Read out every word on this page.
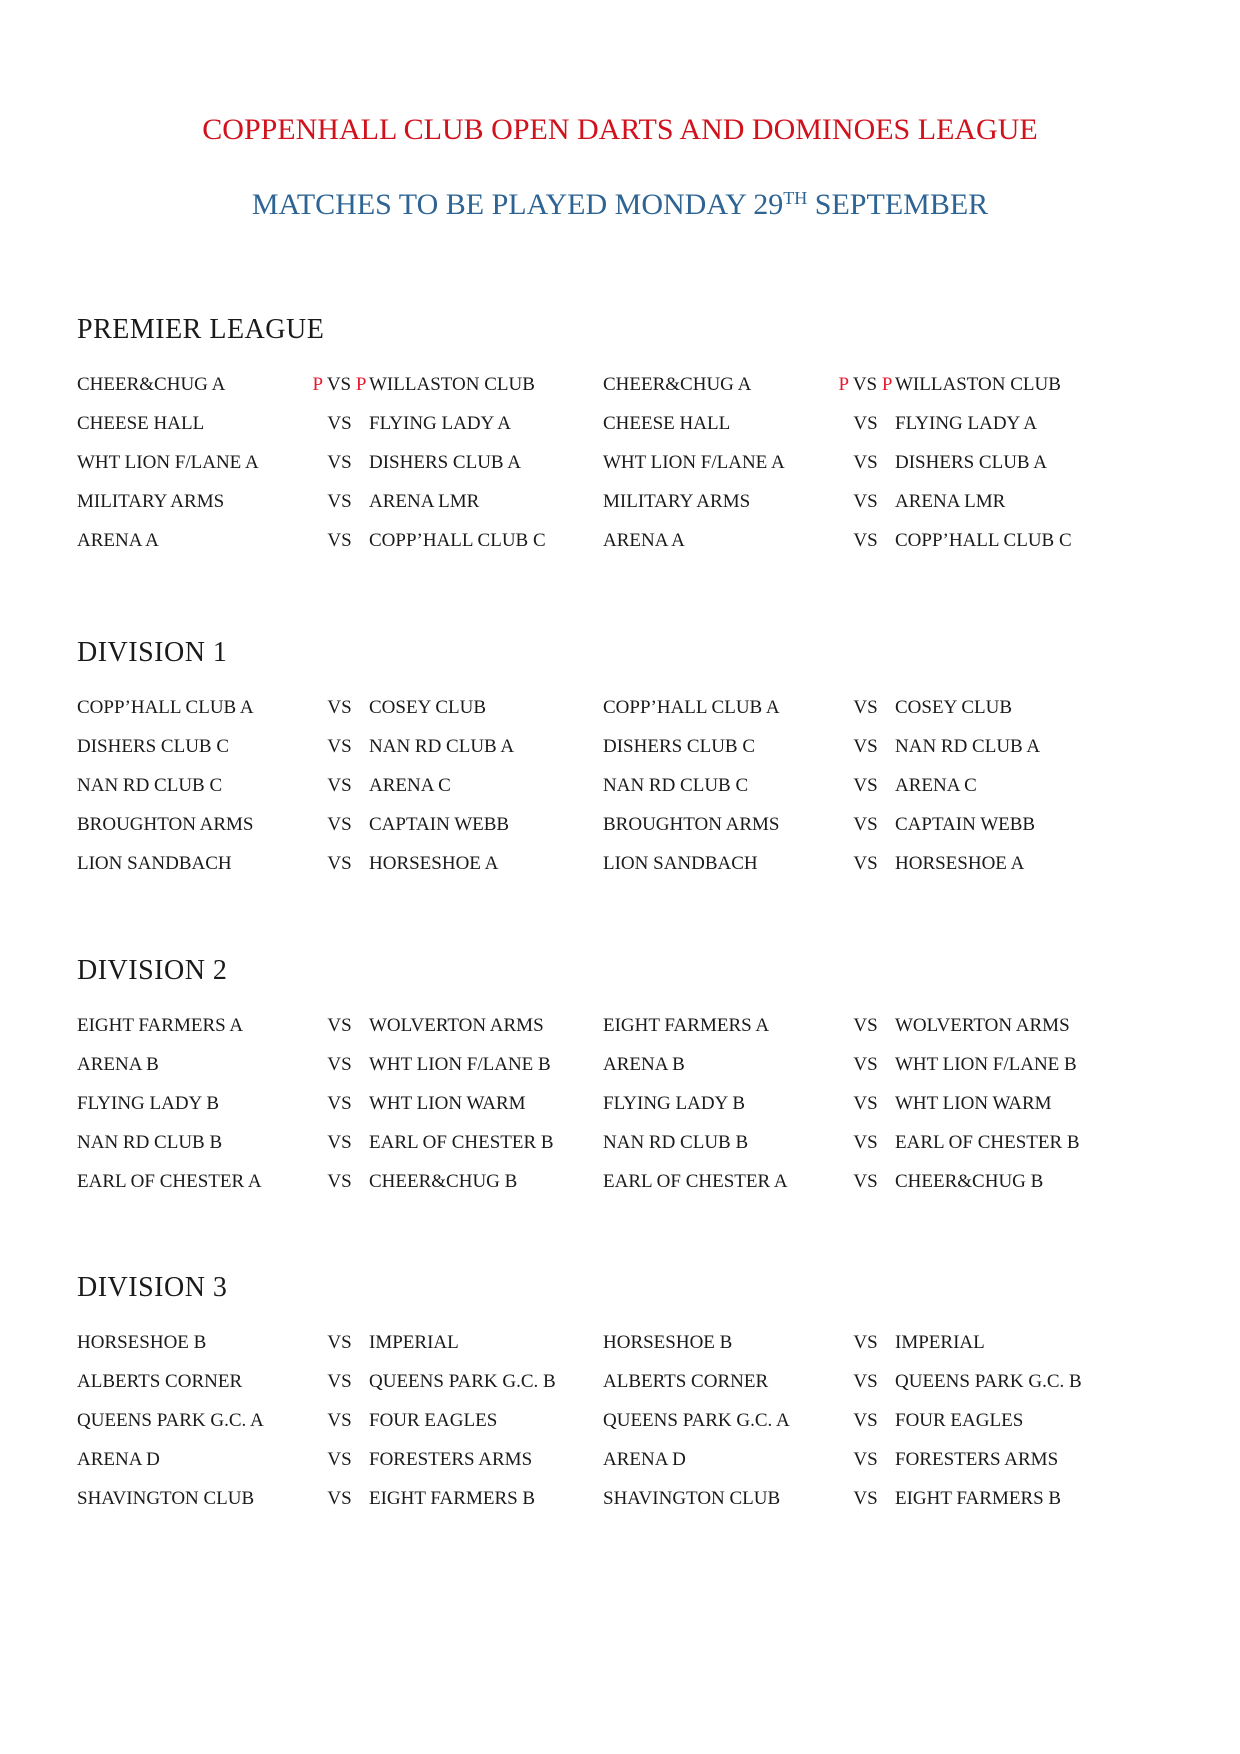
COPPENHALL CLUB OPEN DARTS AND DOMINOES LEAGUE
MATCHES TO BE PLAYED MONDAY 29TH SEPTEMBER
PREMIER LEAGUE
CHEER&CHUG A	P VS P WILLASTON CLUB	CHEER&CHUG A	P VS P WILLASTON CLUB
CHEESE HALL	VS FLYING LADY A	CHEESE HALL	VS FLYING LADY A
WHT LION F/LANE A	VS DISHERS CLUB A	WHT LION F/LANE A	VS DISHERS CLUB A
MILITARY ARMS	VS ARENA LMR	MILITARY ARMS	VS ARENA LMR
ARENA A	VS COPP’HALL CLUB C	ARENA A	VS COPP’HALL CLUB C
DIVISION 1
COPP’HALL CLUB A	VS COSEY CLUB	COPP’HALL CLUB A	VS COSEY CLUB
DISHERS CLUB C	VS NAN RD CLUB A	DISHERS CLUB C	VS NAN RD CLUB A
NAN RD CLUB C	VS ARENA C	NAN RD CLUB C	VS ARENA C
BROUGHTON ARMS	VS CAPTAIN WEBB	BROUGHTON ARMS	VS CAPTAIN WEBB
LION SANDBACH	VS HORSESHOE A	LION SANDBACH	VS HORSESHOE A
DIVISION 2
EIGHT FARMERS A	VS WOLVERTON ARMS	EIGHT FARMERS A	VS WOLVERTON ARMS
ARENA B	VS WHT LION F/LANE B	ARENA B	VS WHT LION F/LANE B
FLYING LADY B	VS WHT LION WARM	FLYING LADY B	VS WHT LION WARM
NAN RD CLUB B	VS EARL OF CHESTER B	NAN RD CLUB B	VS EARL OF CHESTER B
EARL OF CHESTER A	VS CHEER&CHUG B	EARL OF CHESTER A	VS CHEER&CHUG B
DIVISION 3
HORSESHOE B	VS IMPERIAL	HORSESHOE B	VS IMPERIAL
ALBERTS CORNER	VS QUEENS PARK G.C. B	ALBERTS CORNER	VS QUEENS PARK G.C. B
QUEENS PARK G.C. A	VS FOUR EAGLES	QUEENS PARK G.C. A	VS FOUR EAGLES
ARENA D	VS FORESTERS ARMS	ARENA D	VS FORESTERS ARMS
SHAVINGTON CLUB	VS EIGHT FARMERS B	SHAVINGTON CLUB	VS EIGHT FARMERS B
